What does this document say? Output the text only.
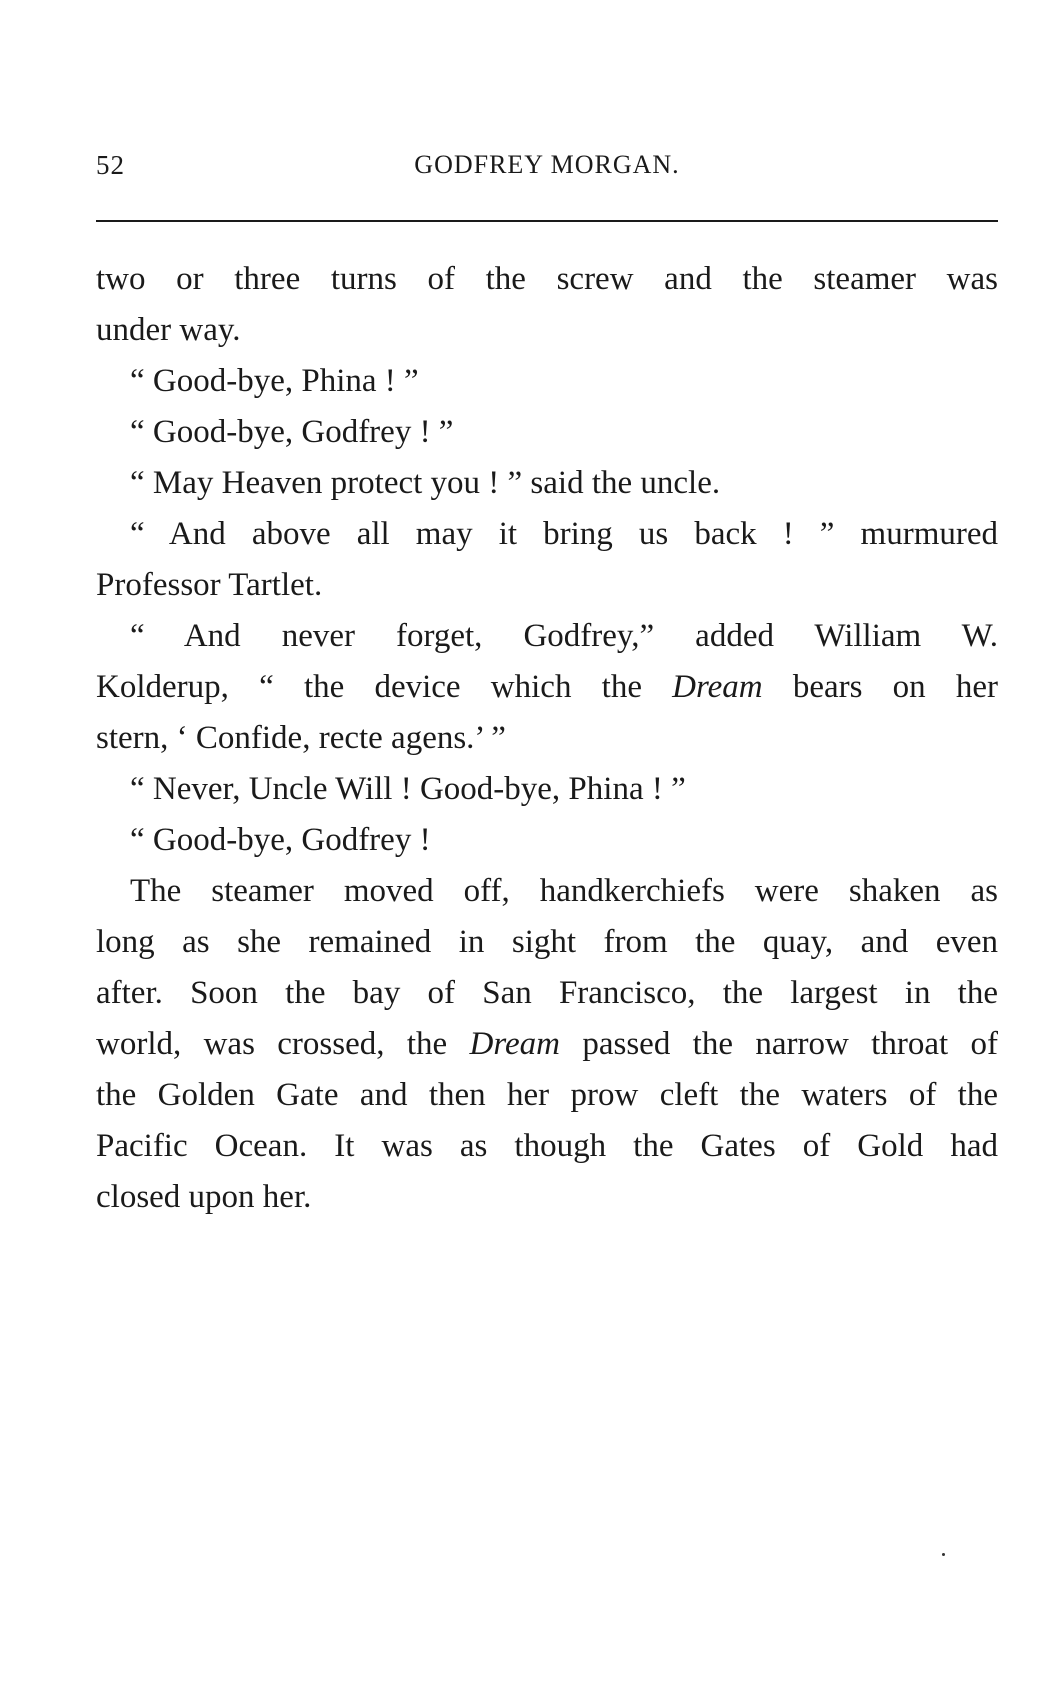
52	GODFREY MORGAN.

two or three turns of the screw and the steamer was
under way.

“ Good-bye, Phina ! ”

“ Good-bye, Godfrey ! ”

“ May Heaven protect you ! ” said the uncle.

“ And above all may it bring us back ! ” murmured
Professor Tartlet.

“ And never forget, Godfrey,” added William W.
Kolderup, “ the device which the Dream bears on her
stern, ‘ Confide, recte agens.’ ”

“ Never, Uncle Will ! Good-bye, Phina ! ”

“ Good-bye, Godfrey !

The steamer moved off, handkerchiefs were shaken as
long as she remained in sight from the quay, and even
after. Soon the bay of San Francisco, the largest in the
world, was crossed, the Dream passed the narrow throat of
the Golden Gate and then her prow cleft the waters of the
Pacific Ocean. It was as though the Gates of Gold had
closed upon her.
